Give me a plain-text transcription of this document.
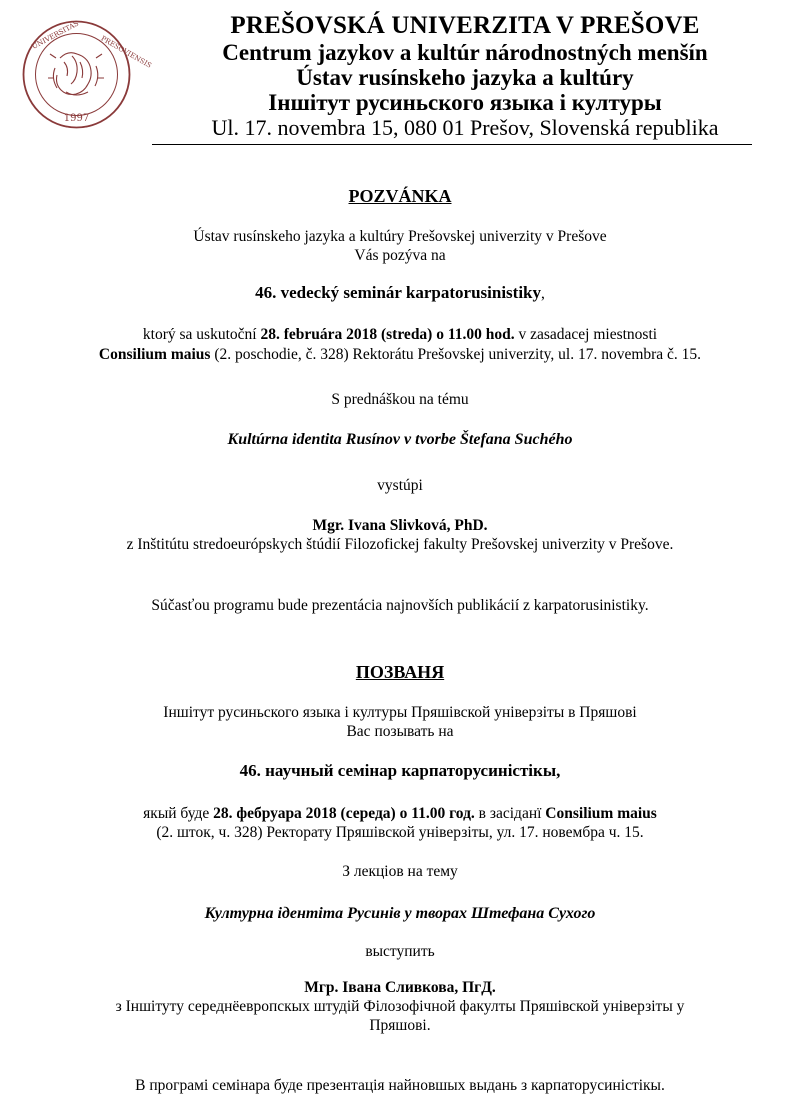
UNIVERSITAS	PRESOVIENSIS
1997
PREŠOVSKÁ UNIVERZITA V PREŠOVE
Centrum jazykov a kultúr národnostných menšín
Ústav rusínskeho jazyka a kultúry
Іншітут русиньского языка і културы
Ul. 17. novembra 15, 080 01 Prešov, Slovenská republika
POZVÁNKA
Ústav rusínskeho jazyka a kultúry Prešovskej univerzity v Prešove
Vás pozýva na
46. vedecký seminár karpatorusinistiky,
ktorý sa uskutoční 28. februára 2018 (streda) o 11.00 hod. v zasadacej miestnosti
Consilium maius (2. poschodie, č. 328) Rektorátu Prešovskej univerzity, ul. 17. novembra č. 15.
S prednáškou na tému
Kultúrna identita Rusínov v tvorbe Štefana Suchého
vystúpi
Mgr. Ivana Slivková, PhD.
z Inštitútu stredoeurópskych štúdií Filozofickej fakulty Prešovskej univerzity v Prešove.
Súčasťou programu bude prezentácia najnovších publikácií z karpatorusinistiky.
ПОЗВАНЯ
Іншітут русиньского языка і културы Пряшівской універзіты в Пряшові
Вас позывать на
46. научный семінар карпаторусиністікы,
якый буде 28. фебруара 2018 (середа) о 11.00 год. в засіданї Consilium maius
(2. шток, ч. 328) Ректорату Пряшівской універзіты, ул. 17. новембра ч. 15.
З лекціов на тему
Културна ідентіта Русинів у творах Штефана Сухого
выступить
Мгр. Івана Сливкова, ПгД.
з Іншітуту середнёевропскых штудій Філозофічной факулты Пряшівской універзіты у
Пряшові.
В програмі семінара буде презентація найновшых выдань з карпаторусиністікы.
